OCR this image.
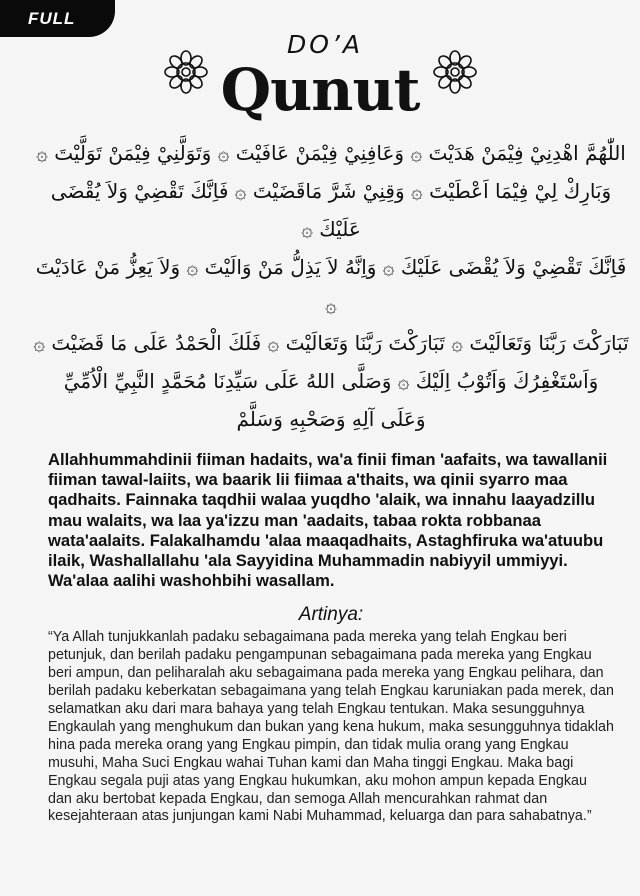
FULL
DO’A
Qunut
اللّٰهُمَّ اهْدِنِيْ فِيْمَنْ هَدَيْتَ ۞ وَعَافِنِيْ فِيْمَنْ عَافَيْتَ ۞ وَتَوَلَّنِيْ فِيْمَنْ تَوَلَّيْتَ ۞
وَبَارِكْ لِيْ فِيْمَا اَعْطَيْتَ ۞ وَقِنِيْ شَرَّ مَاقَضَيْتَ ۞ فَاِنَّكَ تَقْضِيْ وَلاَ يُقْضَى عَلَيْكَ ۞
فَاِنَّكَ تَقْضِيْ وَلاَ يُقْضَى عَلَيْكَ ۞ وَاِنَّهُ لاَ يَذِلُّ مَنْ وَالَيْتَ ۞ وَلاَ يَعِزُّ مَنْ عَادَيْتَ ۞
تَبَارَكْتَ رَبَّنَا وَتَعَالَيْتَ ۞ تَبَارَكْتَ رَبَّنَا وَتَعَالَيْتَ ۞ فَلَكَ الْحَمْدُ عَلَى مَا قَضَيْتَ ۞
وَاَسْتَغْفِرُكَ وَاَتُوْبُ اِلَيْكَ ۞ وَصَلَّى اللهُ عَلَى سَيِّدِنَا مُحَمَّدٍ النَّبِيِّ الْاُمِّيِّ
وَعَلَى آلِهِ وَصَحْبِهِ وَسَلَّمْ
Allahhummahdinii fiiman hadaits, wa'a finii fiman 'aafaits, wa tawallanii fiiman tawal-laiits, wa baarik lii fiimaa a'thaits, wa qinii syarro maa qadhaits. Fainnaka taqdhii walaa yuqdho 'alaik, wa innahu laayadzillu mau walaits, wa laa ya'izzu man 'aadaits, tabaa rokta robbanaa wata'aalaits. Falakalhamdu 'alaa maaqadhaits, Astaghfiruka wa'atuubu ilaik, Washallallahu 'ala Sayyidina Muhammadin nabiyyil ummiyyi. Wa'alaa aalihi washohbihi wasallam.
Artinya:
“Ya Allah tunjukkanlah padaku sebagaimana pada mereka yang telah Engkau beri petunjuk, dan berilah padaku pengampunan sebagaimana pada mereka yang Engkau beri ampun, dan peliharalah aku sebagaimana pada mereka yang Engkau pelihara, dan berilah padaku keberkatan sebagaimana yang telah Engkau karuniakan pada merek, dan selamatkan aku dari mara bahaya yang telah Engkau tentukan. Maka sesungguhnya Engkaulah yang menghukum dan bukan yang kena hukum, maka sesungguhnya tidaklah hina pada mereka orang yang Engkau pimpin, dan tidak mulia orang yang Engkau musuhi, Maha Suci Engkau wahai Tuhan kami dan Maha tinggi Engkau. Maka bagi Engkau segala puji atas yang Engkau hukumkan, aku mohon ampun kepada Engkau dan aku bertobat kepada Engkau, dan semoga Allah mencurahkan rahmat dan kesejahteraan atas junjungan kami Nabi Muhammad, keluarga dan para sahabatnya.”
